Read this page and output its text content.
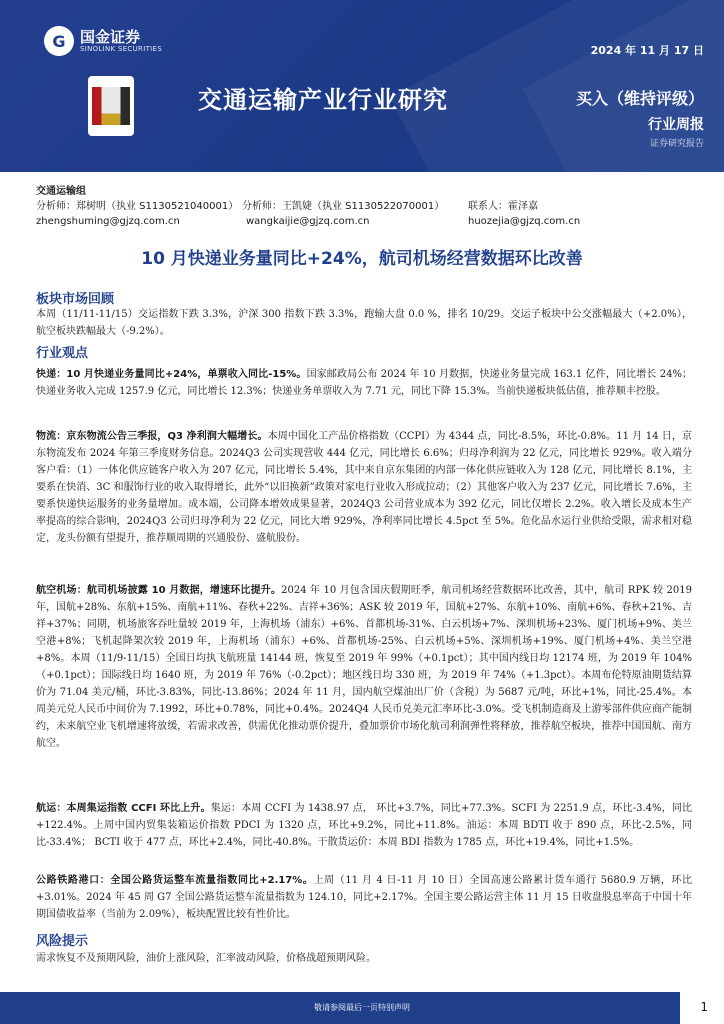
G 国金证券
SINOLINK SECURITIES	2024 年 11 月 17 日
交通运输产业行业研究	买入（维持评级）
行业周报
证券研究报告
交通运输组
分析师：郑树明（执业 S1130521040001） 分析师：王凯婕（执业 S1130522070001）	联系人：霍泽嘉
zhengshuming@gjzq.com.cn	wangkaijie@gjzq.com.cn	huozejia@gjzq.com.cn
10 月快递业务量同比+24%，航司机场经营数据环比改善
板块市场回顾

本周（11/11-11/15）交运指数下跌 3.3%，沪深 300 指数下跌 3.3%，跑输大盘 0.0 %，排名 10/29。交运子板块中公交涨幅最大（+2.0%），航空板块跌幅最大（-9.2%）。

行业观点

快递：10 月快递业务量同比+24%，单票收入同比-15%。国家邮政局公布 2024 年 10 月数据，快递业务量完成 163.1 亿件，同比增长 24%；快递业务收入完成 1257.9 亿元，同比增长 12.3%；快递业务单票收入为 7.71 元，同比下降 15.3%。当前快递板块低估值，推荐顺丰控股。

物流：京东物流公告三季报，Q3 净利润大幅增长。本周中国化工产品价格指数（CCPI）为 4344 点，同比-8.5%，环比-0.8%。11 月 14 日，京东物流发布 2024 年第三季度财务信息。2024Q3 公司实现营收 444 亿元，同比增长 6.6%；归母净利润为 22 亿元，同比增长 929%。收入端分客户看：（1）一体化供应链客户收入为 207 亿元，同比增长 5.4%，其中来自京东集团的内部一体化供应链收入为 128 亿元，同比增长 8.1%，主要系在快消、3C 和服饰行业的收入取得增长，此外“以旧换新”政策对家电行业收入形成拉动；（2）其他客户收入为 237 亿元，同比增长 7.6%，主要系快递快运服务的业务量增加。成本端，公司降本增效成果显著，2024Q3 公司营业成本为 392 亿元，同比仅增长 2.2%。收入增长及成本生产率提高的综合影响，2024Q3 公司归母净利为 22 亿元，同比大增 929%，净利率同比增长 4.5pct 至 5%。危化品水运行业供给受限，需求相对稳定，龙头份额有望提升，推荐顺周期的兴通股份、盛航股份。

航空机场：航司机场披露 10 月数据，增速环比提升。2024 年 10 月包含国庆假期旺季，航司机场经营数据环比改善，其中，航司 RPK 较 2019 年，国航+28%、东航+15%、南航+11%、春秋+22%、吉祥+36%；ASK 较 2019 年，国航+27%、东航+10%、南航+6%、春秋+21%、吉祥+37%；同期，机场旅客吞吐量较 2019 年，上海机场（浦东）+6%、首都机场-31%、白云机场+7%、深圳机场+23%、厦门机场+9%、美兰空港+8%；飞机起降架次较 2019 年，上海机场（浦东）+6%、首都机场-25%、白云机场+5%、深圳机场+19%、厦门机场+4%、美兰空港+8%。本周（11/9-11/15）全国日均执飞航班量 14144 班，恢复至 2019 年 99%（+0.1pct）；其中国内线日均 12174 班，为 2019 年 104%（+0.1pct）；国际线日均 1640 班，为 2019 年 76%（-0.2pct）；地区线日均 330 班，为 2019 年 74%（+1.3pct）。本周布伦特原油期货结算价为 71.04 美元/桶，环比-3.83%，同比-13.86%；2024 年 11 月，国内航空煤油出厂价（含税）为 5687 元/吨，环比+1%，同比-25.4%。本周美元兑人民币中间价为 7.1992，环比+0.78%，同比+0.4%。2024Q4 人民币兑美元汇率环比-3.0%。受飞机制造商及上游零部件供应商产能制约，未来航空业飞机增速将放缓，若需求改善，供需优化推动票价提升，叠加票价市场化航司利润弹性将释放，推荐航空板块，推荐中国国航、南方航空。

航运：本周集运指数 CCFI 环比上升。集运：本周 CCFI 为 1438.97 点， 环比+3.7%，同比+77.3%。SCFI 为 2251.9 点，环比-3.4%，同比+122.4%。上周中国内贸集装箱运价指数 PDCI 为 1320 点，环比+9.2%，同比+11.8%。油运：本周 BDTI 收于 890 点，环比-2.5%，同比-33.4%； BCTI 收于 477 点，环比+2.4%，同比-40.8%。干散货运价：本周 BDI 指数为 1785 点，环比+19.4%，同比+1.5%。

公路铁路港口：全国公路货运整车流量指数同比+2.17%。上周（11 月 4 日-11 月 10 日）全国高速公路累计货车通行 5680.9 万辆，环比+3.01%。2024 年 45 周 G7 全国公路货运整车流量指数为 124.10，同比+2.17%。全国主要公路运营主体 11 月 15 日收盘股息率高于中国十年期国债收益率（当前为 2.09%），板块配置比较有性价比。

风险提示

需求恢复不及预期风险，油价上涨风险，汇率波动风险，价格战超预期风险。

敬请参阅最后一页特别声明	1
